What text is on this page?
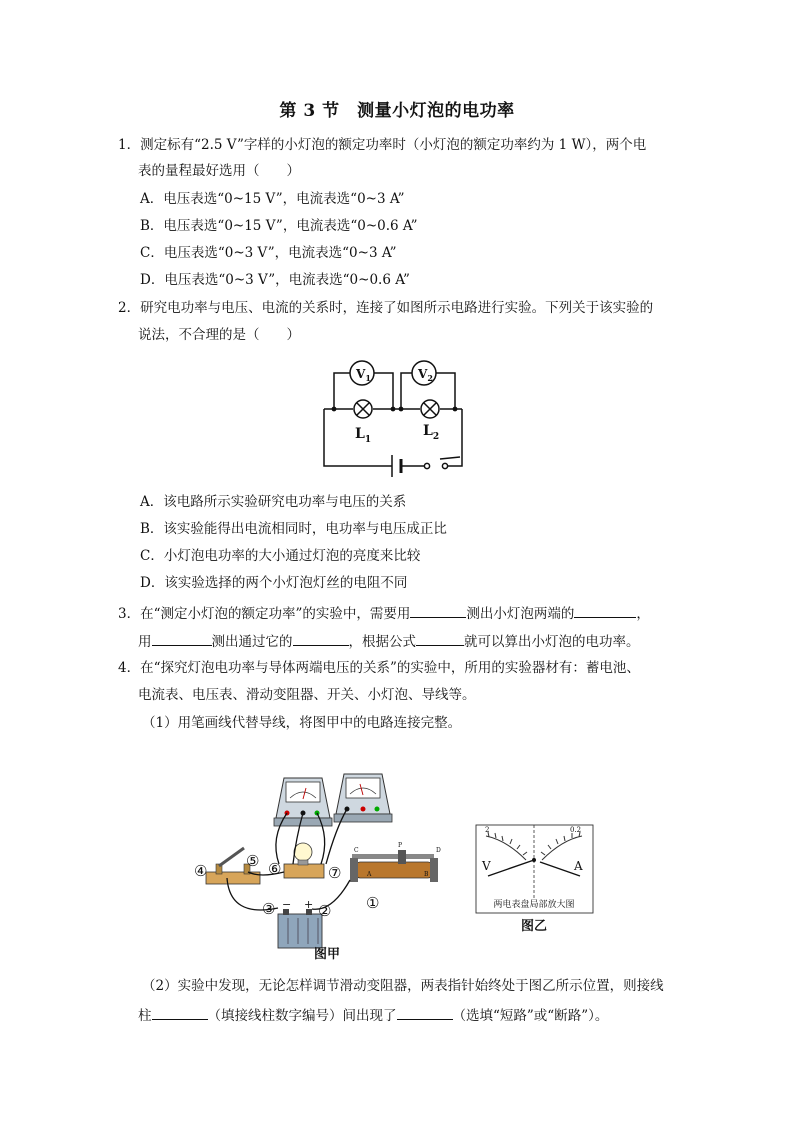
第 3 节　测量小灯泡的电功率
1．测定标有“2.5 V”字样的小灯泡的额定功率时（小灯泡的额定功率约为 1 W），两个电
表的量程最好选用（　　）
A．电压表选“0~15 V”，电流表选“0~3 A”
B．电压表选“0~15 V”，电流表选“0~0.6 A”
C．电压表选“0~3 V”，电流表选“0~3 A”
D．电压表选“0~3 V”，电流表选“0~0.6 A”
2．研究电功率与电压、电流的关系时，连接了如图所示电路进行实验。下列关于该实验的
说法，不合理的是（　　）
$V_1$	$V_2$
$L_1$
$L_2$
A．该电路所示实验研究电功率与电压的关系
B．该实验能得出电流相同时，电功率与电压成正比
C．小灯泡电功率的大小通过灯泡的亮度来比较
D．该实验选择的两个小灯泡灯丝的电阻不同
3．在“测定小灯泡的额定功率”的实验中，需要用	测出小灯泡两端的	，
用	测出通过它的	，根据公式	就可以算出小灯泡的电功率。
4．在“探究灯泡电功率与导体两端电压的关系”的实验中，所用的实验器材有：蓄电池、
电流表、电压表、滑动变阻器、开关、小灯泡、导线等。
（1）用笔画线代替导线，将图甲中的电路连接完整。
④
⑤ ⑥	⑦
③	② ①
− +
C
P
D
A	B
图甲
V	A
2	0.2
两电表盘局部放大图
图乙
（2）实验中发现，无论怎样调节滑动变阻器，两表指针始终处于图乙所示位置，则接线
柱	（填接线柱数字编号）间出现了	（选填“短路”或“断路”）。
